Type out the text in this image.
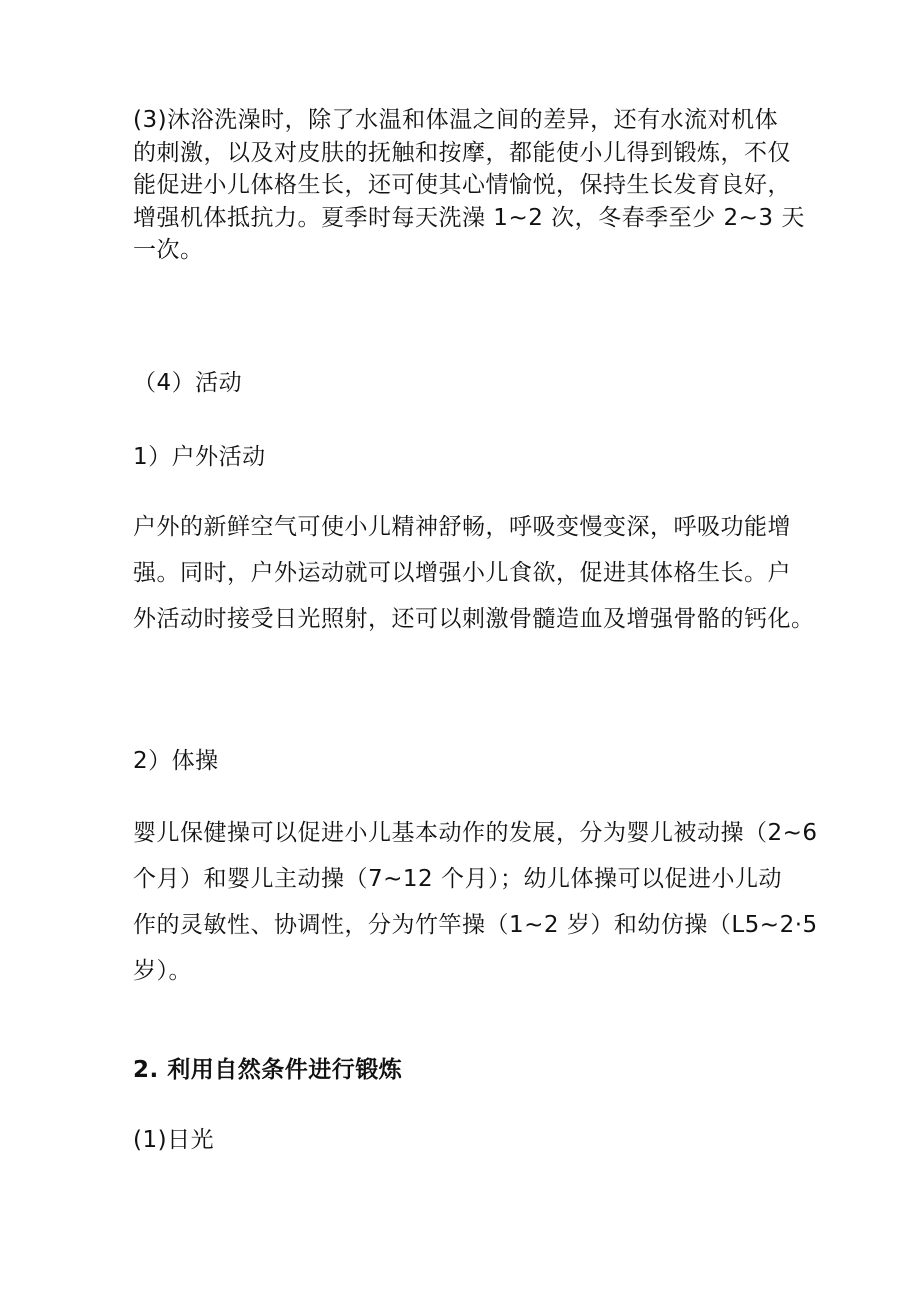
(3)沐浴洗澡时，除了水温和体温之间的差异，还有水流对机体
的刺激，以及对皮肤的抚触和按摩，都能使小儿得到锻炼，不仅
能促进小儿体格生长，还可使其心情愉悦，保持生长发育良好，
增强机体抵抗力。夏季时每天洗澡 1~2 次，冬春季至少 2~3 天
一次。
（4）活动
1）户外活动
户外的新鲜空气可使小儿精神舒畅，呼吸变慢变深，呼吸功能增
强。同时，户外运动就可以增强小儿食欲，促进其体格生长。户
外活动时接受日光照射，还可以刺激骨髓造血及增强骨骼的钙化。
2）体操
婴儿保健操可以促进小儿基本动作的发展，分为婴儿被动操（2~6
个月）和婴儿主动操（7~12 个月）；幼儿体操可以促进小儿动
作的灵敏性、协调性，分为竹竿操（1~2 岁）和幼仿操（L5~2·5
岁）。
2. 利用自然条件进行锻炼
(1)日光
